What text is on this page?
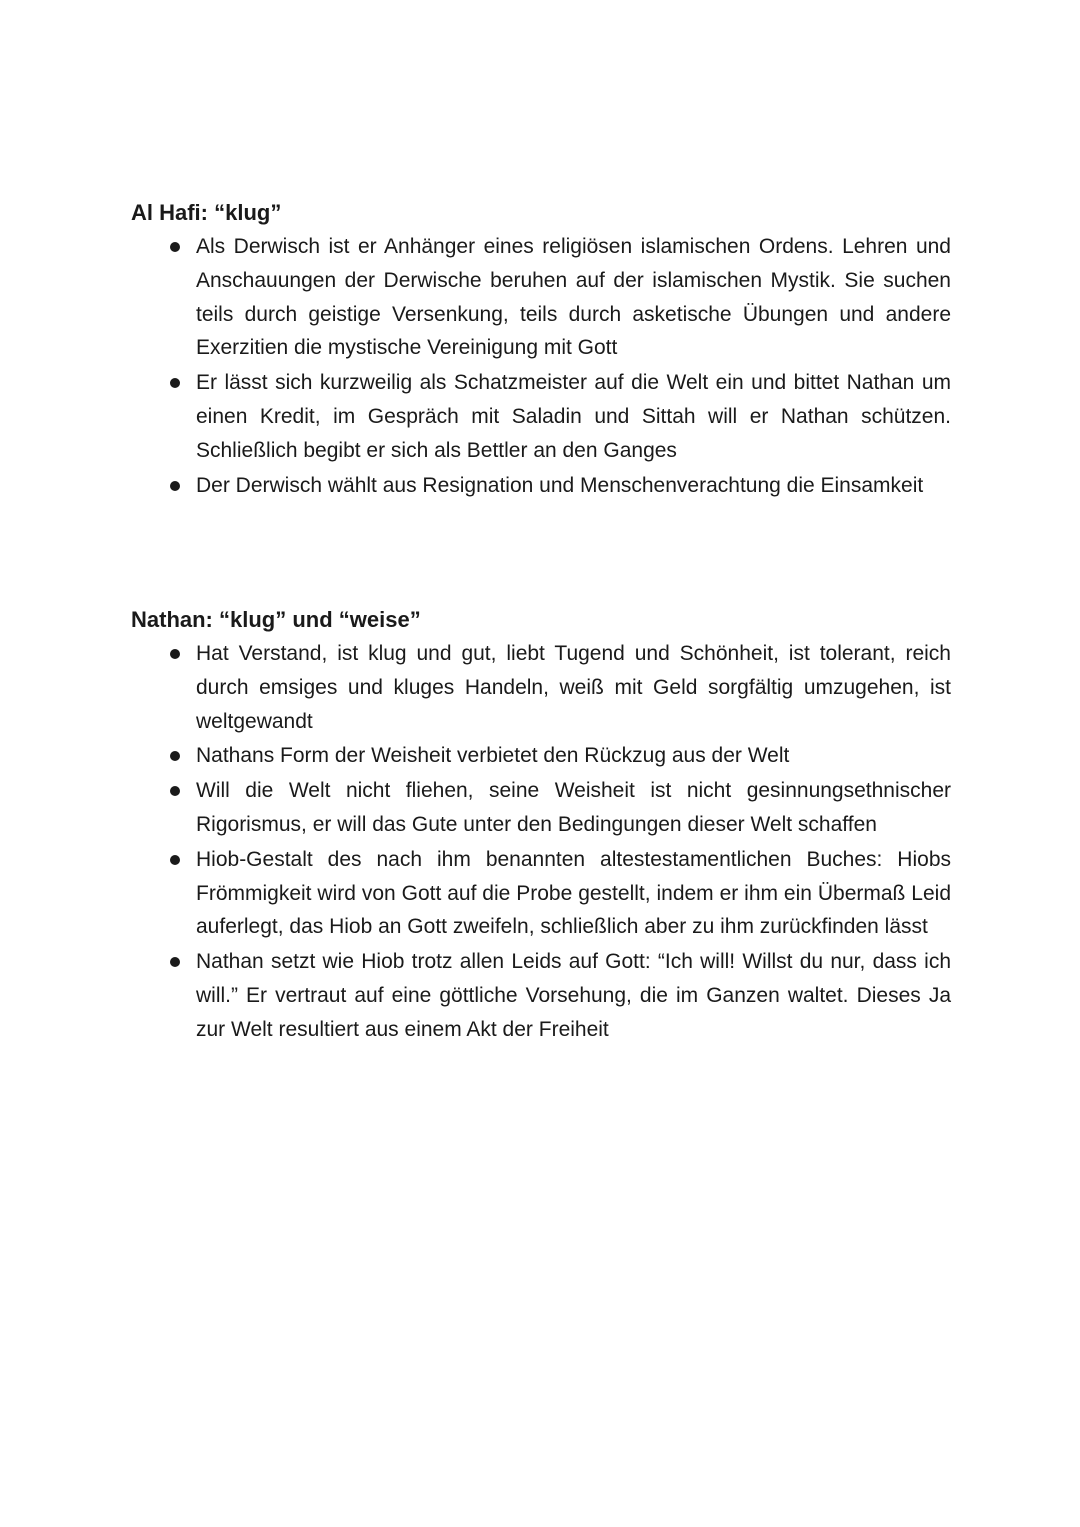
Al Hafi: “klug”

Als Derwisch ist er Anhänger eines religiösen islamischen Ordens. Lehren und Anschauungen der Derwische beruhen auf der islamischen Mystik. Sie suchen teils durch geistige Versenkung, teils durch asketische Übungen und andere Exerzitien die mystische Vereinigung mit Gott
Er lässt sich kurzweilig als Schatzmeister auf die Welt ein und bittet Nathan um einen Kredit, im Gespräch mit Saladin und Sittah will er Nathan schützen. Schließlich begibt er sich als Bettler an den Ganges
Der Derwisch wählt aus Resignation und Menschenverachtung die Einsamkeit

Nathan: “klug” und “weise”

Hat Verstand, ist klug und gut, liebt Tugend und Schönheit, ist tolerant, reich durch emsiges und kluges Handeln, weiß mit Geld sorgfältig umzugehen, ist weltgewandt
Nathans Form der Weisheit verbietet den Rückzug aus der Welt
Will die Welt nicht fliehen, seine Weisheit ist nicht gesinnungsethnischer Rigorismus, er will das Gute unter den Bedingungen dieser Welt schaffen
Hiob-Gestalt des nach ihm benannten altestestamentlichen Buches: Hiobs Frömmigkeit wird von Gott auf die Probe gestellt, indem er ihm ein Übermaß Leid auferlegt, das Hiob an Gott zweifeln, schließlich aber zu ihm zurückfinden lässt
Nathan setzt wie Hiob trotz allen Leids auf Gott: “Ich will! Willst du nur, dass ich will.” Er vertraut auf eine göttliche Vorsehung, die im Ganzen waltet. Dieses Ja zur Welt resultiert aus einem Akt der Freiheit
